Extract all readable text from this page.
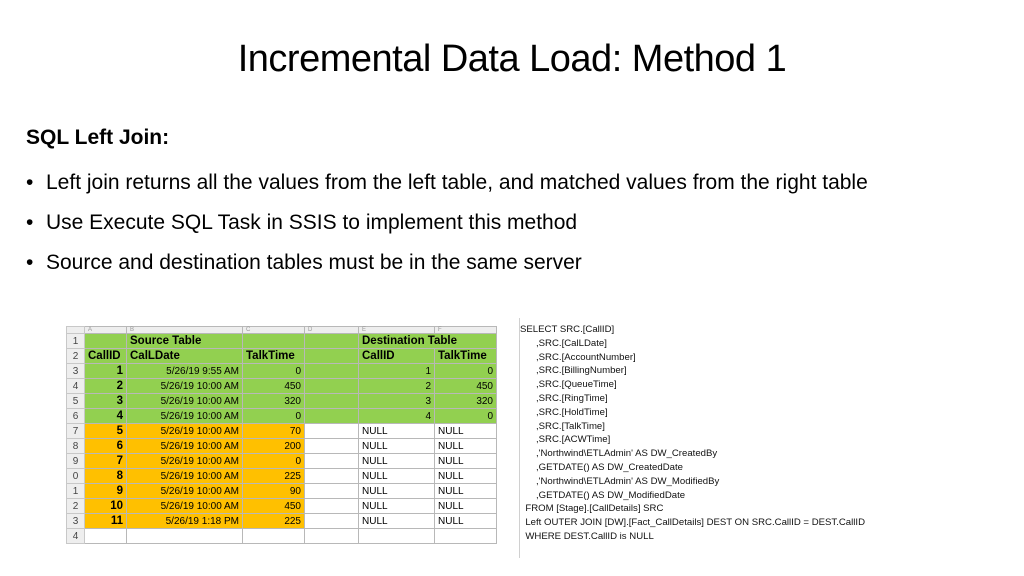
Incremental Data Load: Method 1
SQL Left Join:
• Left join returns all the values from the left table, and matched values from the right table
• Use Execute SQL Task in SSIS to implement this method
• Source and destination tables must be in the same server
	A	B	C	D	E	F
1		Source Table			Destination Table	
2	CallID	CalLDate	TalkTime		CallID	TalkTime
3	1	5/26/19 9:55 AM	0		1	0
4	2	5/26/19 10:00 AM	450		2	450
5	3	5/26/19 10:00 AM	320		3	320
6	4	5/26/19 10:00 AM	0		4	0
7	5	5/26/19 10:00 AM	70		NULL	NULL
8	6	5/26/19 10:00 AM	200		NULL	NULL
9	7	5/26/19 10:00 AM	0		NULL	NULL
0	8	5/26/19 10:00 AM	225		NULL	NULL
1	9	5/26/19 10:00 AM	90		NULL	NULL
2	10	5/26/19 10:00 AM	450		NULL	NULL
3	11	5/26/19 1:18 PM	225		NULL	NULL
4						
SELECT SRC.[CallID]
,SRC.[CalLDate]
,SRC.[AccountNumber]
,SRC.[BillingNumber]
,SRC.[QueueTime]
,SRC.[RingTime]
,SRC.[HoldTime]
,SRC.[TalkTime]
,SRC.[ACWTime]
,'Northwind\ETLAdmin' AS DW_CreatedBy
,GETDATE() AS DW_CreatedDate
,'Northwind\ETLAdmin' AS DW_ModifiedBy
,GETDATE() AS DW_ModifiedDate
FROM [Stage].[CallDetails] SRC
Left OUTER JOIN [DW].[Fact_CallDetails] DEST ON SRC.CallID = DEST.CallID
WHERE DEST.CallID is NULL
